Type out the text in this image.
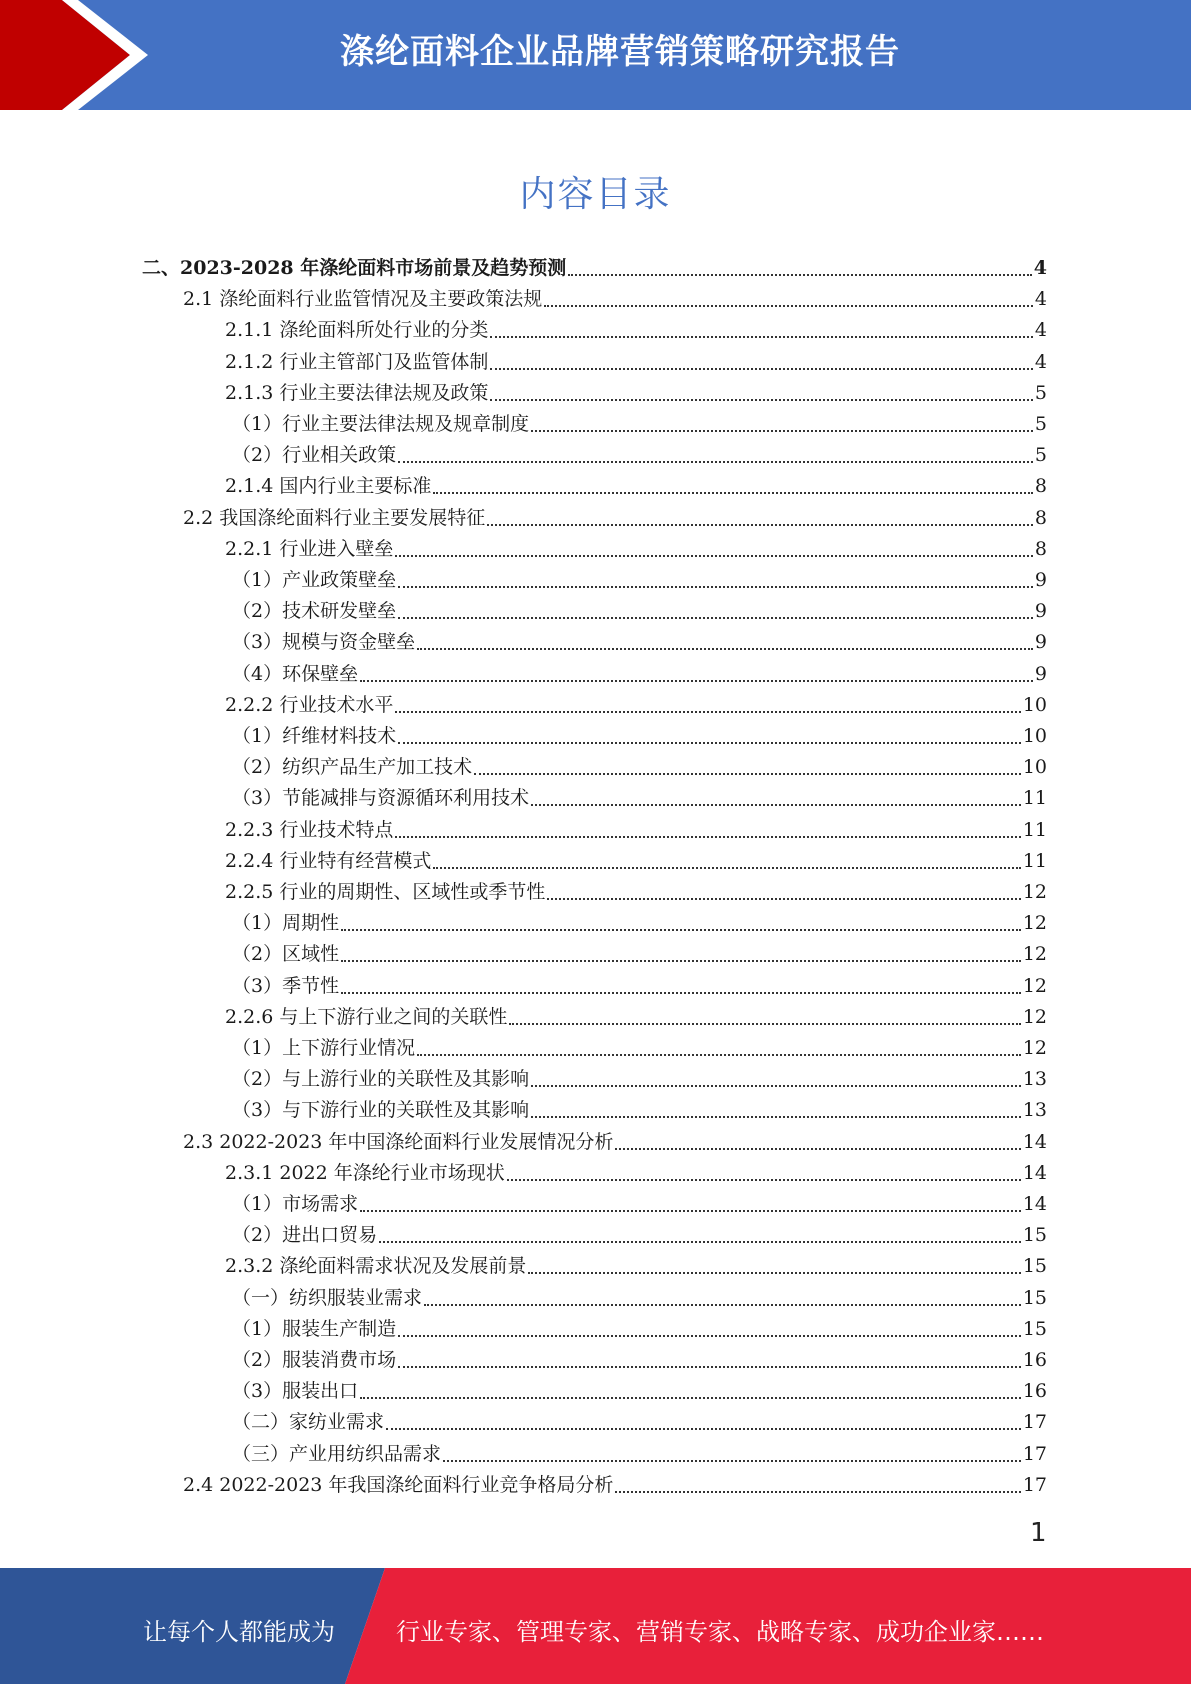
涤纶面料企业品牌营销策略研究报告
内容目录
二、2023-2028 年涤纶面料市场前景及趋势预测	4
2.1 涤纶面料行业监管情况及主要政策法规	4
2.1.1 涤纶面料所处行业的分类	4
2.1.2 行业主管部门及监管体制	4
2.1.3 行业主要法律法规及政策	5
（1）行业主要法律法规及规章制度	5
（2）行业相关政策	5
2.1.4 国内行业主要标准	8
2.2 我国涤纶面料行业主要发展特征	8
2.2.1 行业进入壁垒	8
（1）产业政策壁垒	9
（2）技术研发壁垒	9
（3）规模与资金壁垒	9
（4）环保壁垒	9
2.2.2 行业技术水平	10
（1）纤维材料技术	10
（2）纺织产品生产加工技术	10
（3）节能减排与资源循环利用技术	11
2.2.3 行业技术特点	11
2.2.4 行业特有经营模式	11
2.2.5 行业的周期性、区域性或季节性	12
（1）周期性	12
（2）区域性	12
（3）季节性	12
2.2.6 与上下游行业之间的关联性	12
（1）上下游行业情况	12
（2）与上游行业的关联性及其影响	13
（3）与下游行业的关联性及其影响	13
2.3 2022-2023 年中国涤纶面料行业发展情况分析	14
2.3.1 2022 年涤纶行业市场现状	14
（1）市场需求	14
（2）进出口贸易	15
2.3.2 涤纶面料需求状况及发展前景	15
（一）纺织服装业需求	15
（1）服装生产制造	15
（2）服装消费市场	16
（3）服装出口	16
（二）家纺业需求	17
（三）产业用纺织品需求	17
2.4 2022-2023 年我国涤纶面料行业竞争格局分析	17
1
让每个人都能成为	行业专家、管理专家、营销专家、战略专家、成功企业家……
